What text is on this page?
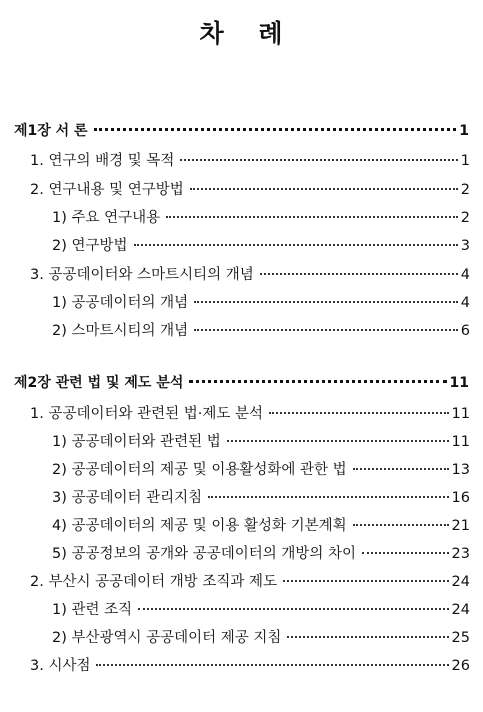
차 례
제1장 서 론	1
1. 연구의 배경 및 목적	1
2. 연구내용 및 연구방법	2
1) 주요 연구내용	2
2) 연구방법	3
3. 공공데이터와 스마트시티의 개념	4
1) 공공데이터의 개념	4
2) 스마트시티의 개념	6
제2장 관련 법 및 제도 분석	11
1. 공공데이터와 관련된 법·제도 분석	11
1) 공공데이터와 관련된 법	11
2) 공공데이터의 제공 및 이용활성화에 관한 법	13
3) 공공데이터 관리지침	16
4) 공공데이터의 제공 및 이용 활성화 기본계획	21
5) 공공정보의 공개와 공공데이터의 개방의 차이	23
2. 부산시 공공데이터 개방 조직과 제도	24
1) 관련 조직	24
2) 부산광역시 공공데이터 제공 지침	25
3. 시사점	26
